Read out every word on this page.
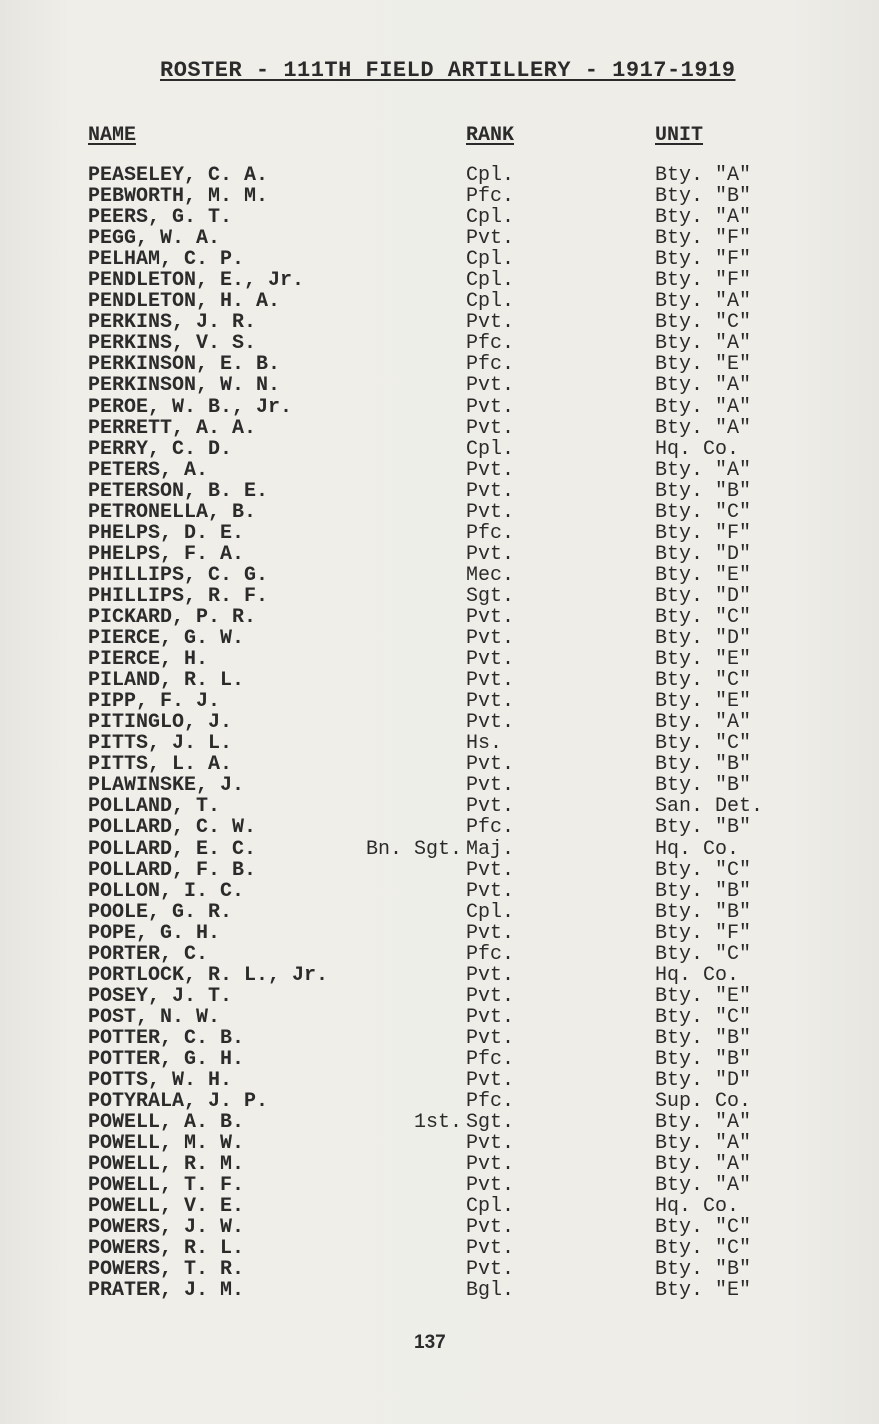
ROSTER - 111TH FIELD ARTILLERY - 1917-1919
NAME	RANK	UNIT
PEASELEY, C. A.	Cpl.	Bty. "A"
PEBWORTH, M. M.	Pfc.	Bty. "B"
PEERS, G. T.	Cpl.	Bty. "A"
PEGG, W. A.	Pvt.	Bty. "F"
PELHAM, C. P.	Cpl.	Bty. "F"
PENDLETON, E., Jr.	Cpl.	Bty. "F"
PENDLETON, H. A.	Cpl.	Bty. "A"
PERKINS, J. R.	Pvt.	Bty. "C"
PERKINS, V. S.	Pfc.	Bty. "A"
PERKINSON, E. B.	Pfc.	Bty. "E"
PERKINSON, W. N.	Pvt.	Bty. "A"
PEROE, W. B., Jr.	Pvt.	Bty. "A"
PERRETT, A. A.	Pvt.	Bty. "A"
PERRY, C. D.	Cpl.	Hq. Co.
PETERS, A.	Pvt.	Bty. "A"
PETERSON, B. E.	Pvt.	Bty. "B"
PETRONELLA, B.	Pvt.	Bty. "C"
PHELPS, D. E.	Pfc.	Bty. "F"
PHELPS, F. A.	Pvt.	Bty. "D"
PHILLIPS, C. G.	Mec.	Bty. "E"
PHILLIPS, R. F.	Sgt.	Bty. "D"
PICKARD, P. R.	Pvt.	Bty. "C"
PIERCE, G. W.	Pvt.	Bty. "D"
PIERCE, H.	Pvt.	Bty. "E"
PILAND, R. L.	Pvt.	Bty. "C"
PIPP, F. J.	Pvt.	Bty. "E"
PITINGLO, J.	Pvt.	Bty. "A"
PITTS, J. L.	Hs.	Bty. "C"
PITTS, L. A.	Pvt.	Bty. "B"
PLAWINSKE, J.	Pvt.	Bty. "B"
POLLAND, T.	Pvt.	San. Det.
POLLARD, C. W.	Pfc.	Bty. "B"
POLLARD, E. C.	Bn. Sgt. Maj.	Hq. Co.
POLLARD, F. B.	Pvt.	Bty. "C"
POLLON, I. C.	Pvt.	Bty. "B"
POOLE, G. R.	Cpl.	Bty. "B"
POPE, G. H.	Pvt.	Bty. "F"
PORTER, C.	Pfc.	Bty. "C"
PORTLOCK, R. L., Jr.	Pvt.	Hq. Co.
POSEY, J. T.	Pvt.	Bty. "E"
POST, N. W.	Pvt.	Bty. "C"
POTTER, C. B.	Pvt.	Bty. "B"
POTTER, G. H.	Pfc.	Bty. "B"
POTTS, W. H.	Pvt.	Bty. "D"
POTYRALA, J. P.	Pfc.	Sup. Co.
POWELL, A. B.	1st. Sgt.	Bty. "A"
POWELL, M. W.	Pvt.	Bty. "A"
POWELL, R. M.	Pvt.	Bty. "A"
POWELL, T. F.	Pvt.	Bty. "A"
POWELL, V. E.	Cpl.	Hq. Co.
POWERS, J. W.	Pvt.	Bty. "C"
POWERS, R. L.	Pvt.	Bty. "C"
POWERS, T. R.	Pvt.	Bty. "B"
PRATER, J. M.	Bgl.	Bty. "E"
137
